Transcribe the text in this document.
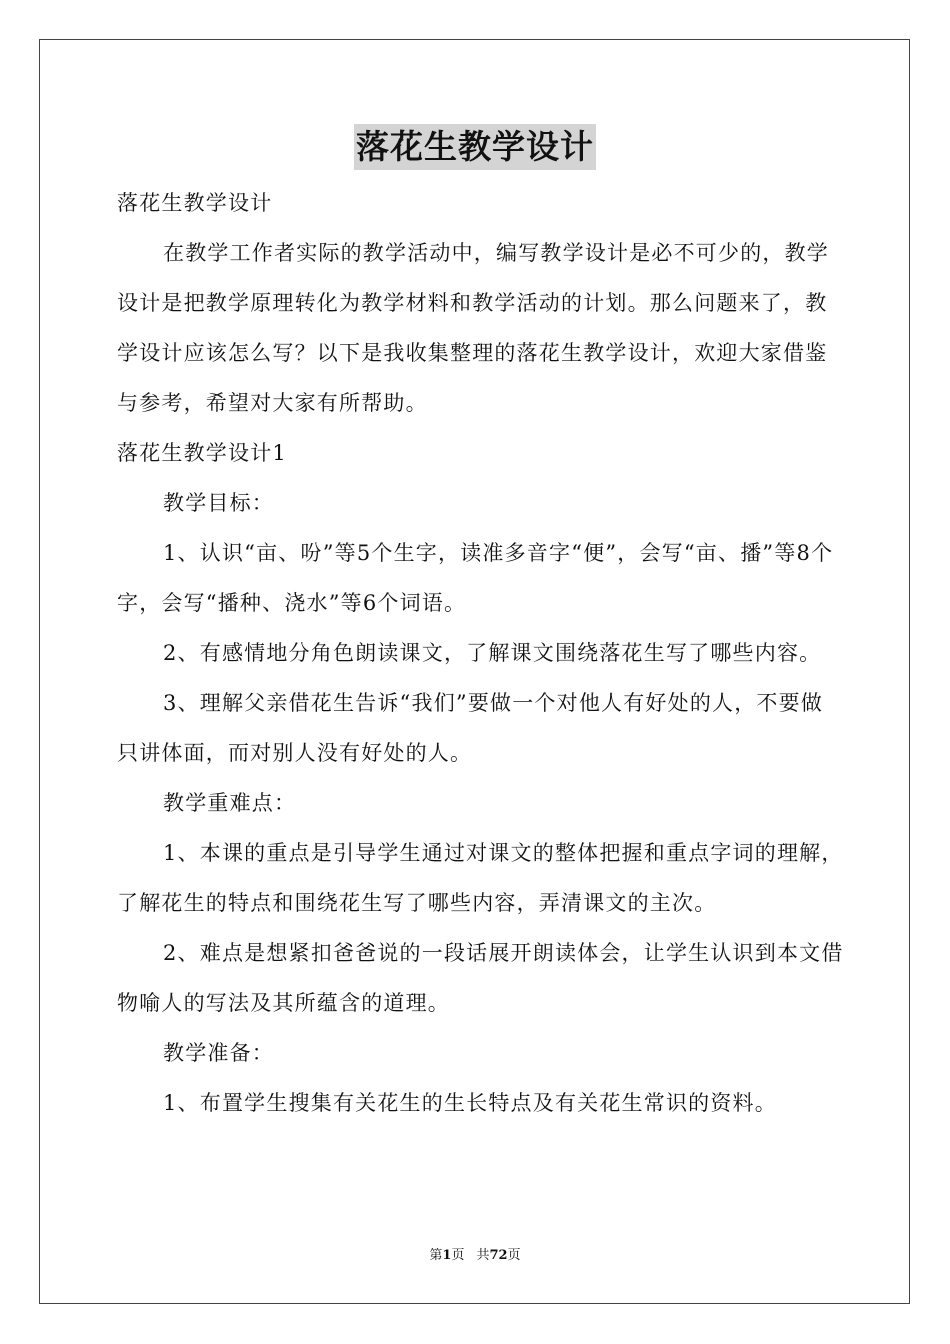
落花生教学设计

落花生教学设计

在教学工作者实际的教学活动中，编写教学设计是必不可少的，教学设计是把教学原理转化为教学材料和教学活动的计划。那么问题来了，教学设计应该怎么写？以下是我收集整理的落花生教学设计，欢迎大家借鉴与参考，希望对大家有所帮助。

落花生教学设计1

教学目标：

1、认识“亩、吩”等5个生字，读准多音字“便”，会写“亩、播”等8个字，会写“播种、浇水”等6个词语。

2、有感情地分角色朗读课文，了解课文围绕落花生写了哪些内容。

3、理解父亲借花生告诉“我们”要做一个对他人有好处的人，不要做只讲体面，而对别人没有好处的人。

教学重难点：

1、本课的重点是引导学生通过对课文的整体把握和重点字词的理解，了解花生的特点和围绕花生写了哪些内容，弄清课文的主次。

2、难点是想紧扣爸爸说的一段话展开朗读体会，让学生认识到本文借物喻人的写法及其所蕴含的道理。

教学准备：

1、布置学生搜集有关花生的生长特点及有关花生常识的资料。

第1页 共72页
